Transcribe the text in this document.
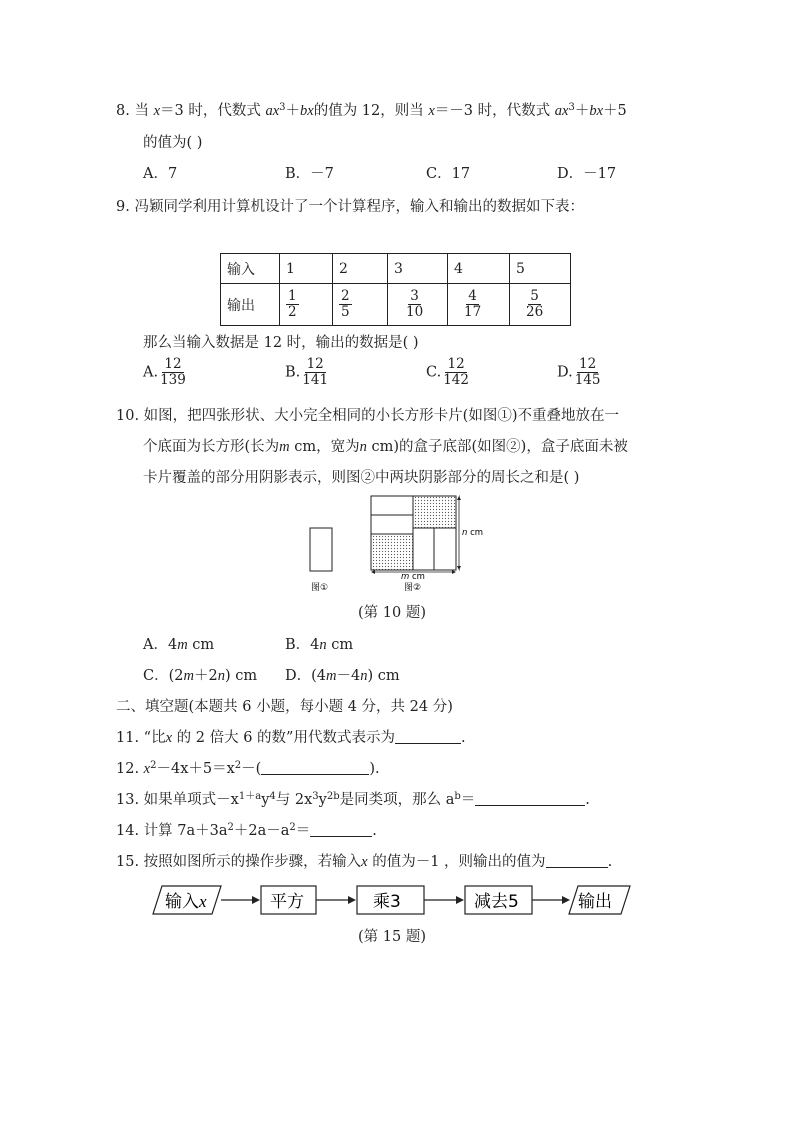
8. 当 x＝3 时，代数式 $ax^3+bx$的值为 12，则当 x＝－3 时，代数式 $ax^3+bx+5$
的值为( )
A．7	B．－7	C．17	D．－17
9. 冯颖同学利用计算机设计了一个计算程序，输入和输出的数据如下表：
输入	1	2	3	4	5
输出	$\frac{1}{2}$	$\frac{2}{5}$	$\frac{3}{10}$	$\frac{4}{17}$	$\frac{5}{26}$
那么当输入数据是 12 时，输出的数据是( )
A. $\frac{12}{139}$	B. $\frac{12}{141}$	C. $\frac{12}{142}$	D. $\frac{12}{145}$
10. 如图，把四张形状、大小完全相同的小长方形卡片(如图①)不重叠地放在一
个底面为长方形(长为m cm，宽为n cm)的盒子底部(如图②)，盒子底面未被
卡片覆盖的部分用阴影表示，则图②中两块阴影部分的周长之和是( )
图①
n cm
m cm
图②
(第 10 题)
A．4m cm	B．4n cm
C．(2m＋2n) cm D．(4m－4n) cm
二、填空题(本题共 6 小题，每小题 4 分，共 24 分)
11. “比x 的 2 倍大 6 的数”用代数式表示为	.
12. $x^2-4x+5=x^2-$(	).
13. 如果单项式$-x^{1+a}y^4$与 $2x^3y^{2b}$是同类项，那么 $a^b=$	.
14. 计算 $7a+3a^2+2a-a^2=$	.
15. 按照如图所示的操作步骤，若输入x 的值为－1 ，则输出的值为	.
输入x	平方	乘3	减去5	输出
(第 15 题)
